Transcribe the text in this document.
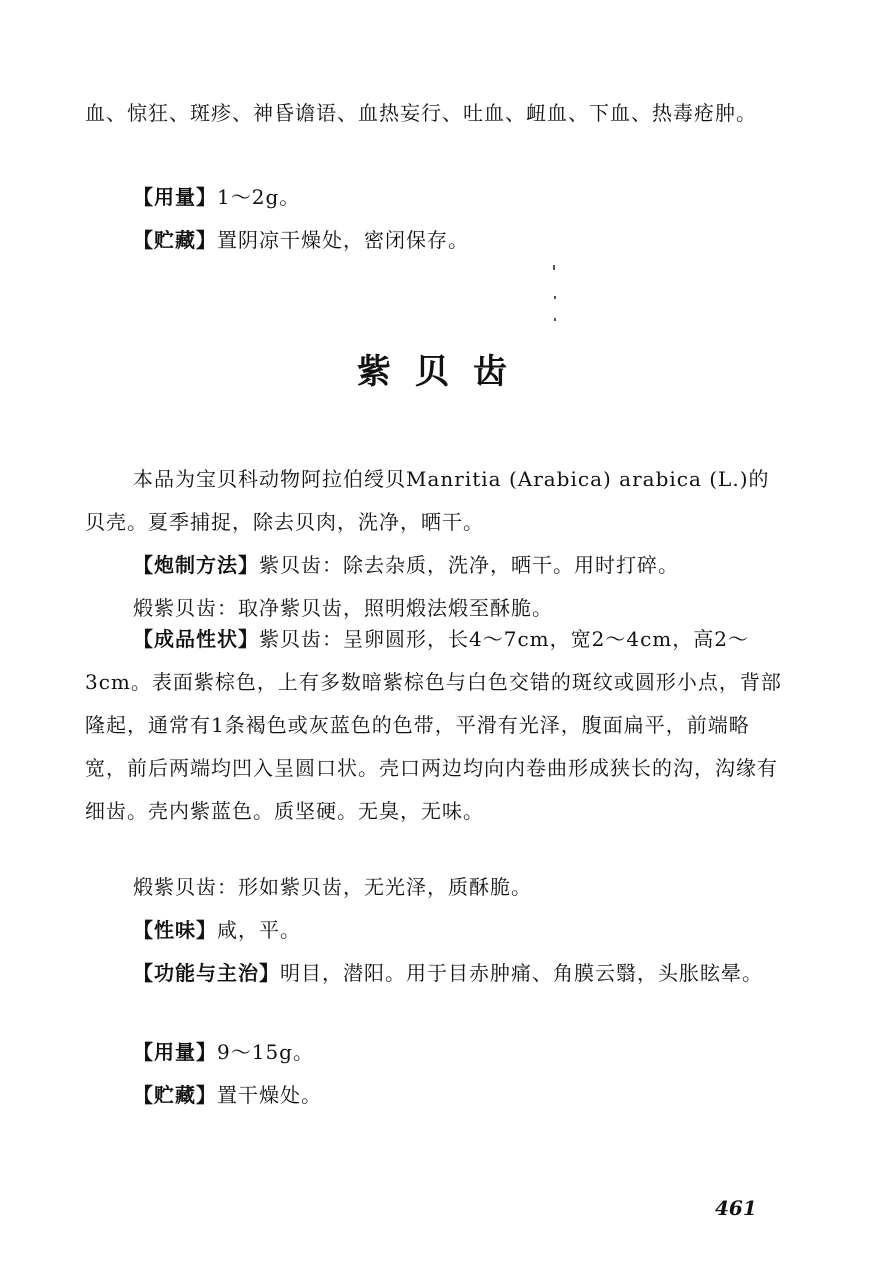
血、惊狂、斑疹、神昏谵语、血热妄行、吐血、衄血、下血、热毒疮肿。

【用量】1～2g。

【贮藏】置阴凉干燥处，密闭保存。

紫贝齿

本品为宝贝科动物阿拉伯绶贝Manritia (Arabica) arabica (L.)的贝壳。夏季捕捉，除去贝肉，洗净，晒干。

【炮制方法】紫贝齿：除去杂质，洗净，晒干。用时打碎。

煅紫贝齿：取净紫贝齿，照明煅法煅至酥脆。

【成品性状】紫贝齿：呈卵圆形，长4～7cm，宽2～4cm，高2～3cm。表面紫棕色，上有多数暗紫棕色与白色交错的斑纹或圆形小点，背部隆起，通常有1条褐色或灰蓝色的色带，平滑有光泽，腹面扁平，前端略宽，前后两端均凹入呈圆口状。壳口两边均向内卷曲形成狭长的沟，沟缘有细齿。壳内紫蓝色。质坚硬。无臭，无味。

煅紫贝齿：形如紫贝齿，无光泽，质酥脆。

【性味】咸，平。

【功能与主治】明目，潜阳。用于目赤肿痛、角膜云翳，头胀眩晕。

【用量】9～15g。

【贮藏】置干燥处。

461
